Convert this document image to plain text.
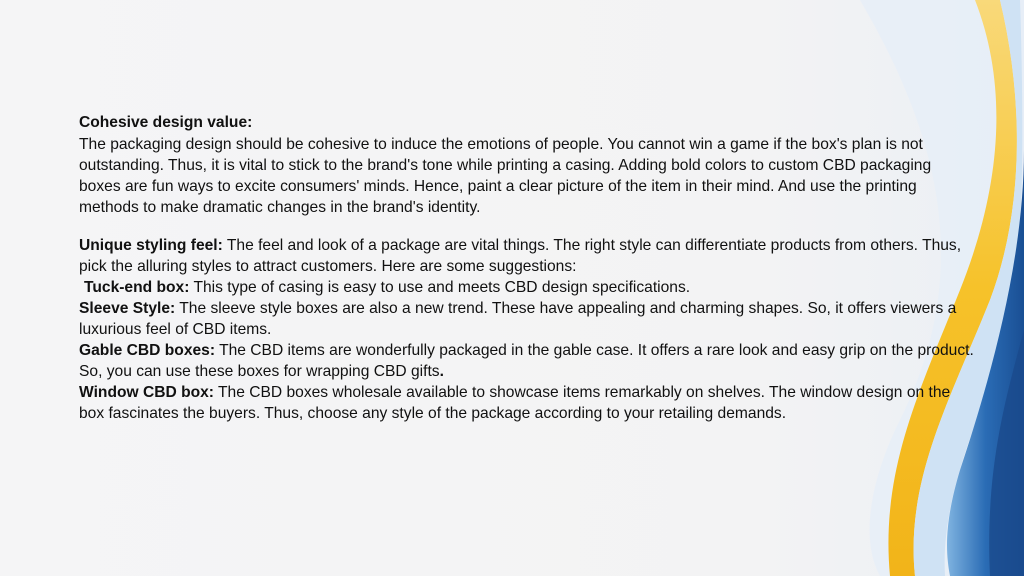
Cohesive design value:

The packaging design should be cohesive to induce the emotions of people. You cannot win a game if the box's plan is not outstanding. Thus, it is vital to stick to the brand's tone while printing a casing. Adding bold colors to custom CBD packaging boxes are fun ways to excite consumers' minds. Hence, paint a clear picture of the item in their mind. And use the printing methods to make dramatic changes in the brand's identity.

Unique styling feel: The feel and look of a package are vital things. The right style can differentiate products from others. Thus, pick the alluring styles to attract customers. Here are some suggestions:

Tuck-end box: This type of casing is easy to use and meets CBD design specifications.

Sleeve Style: The sleeve style boxes are also a new trend. These have appealing and charming shapes. So, it offers viewers a luxurious feel of CBD items.

Gable CBD boxes: The CBD items are wonderfully packaged in the gable case. It offers a rare look and easy grip on the product. So, you can use these boxes for wrapping CBD gifts.

Window CBD box: The CBD boxes wholesale available to showcase items remarkably on shelves. The window design on the box fascinates the buyers. Thus, choose any style of the package according to your retailing demands.
